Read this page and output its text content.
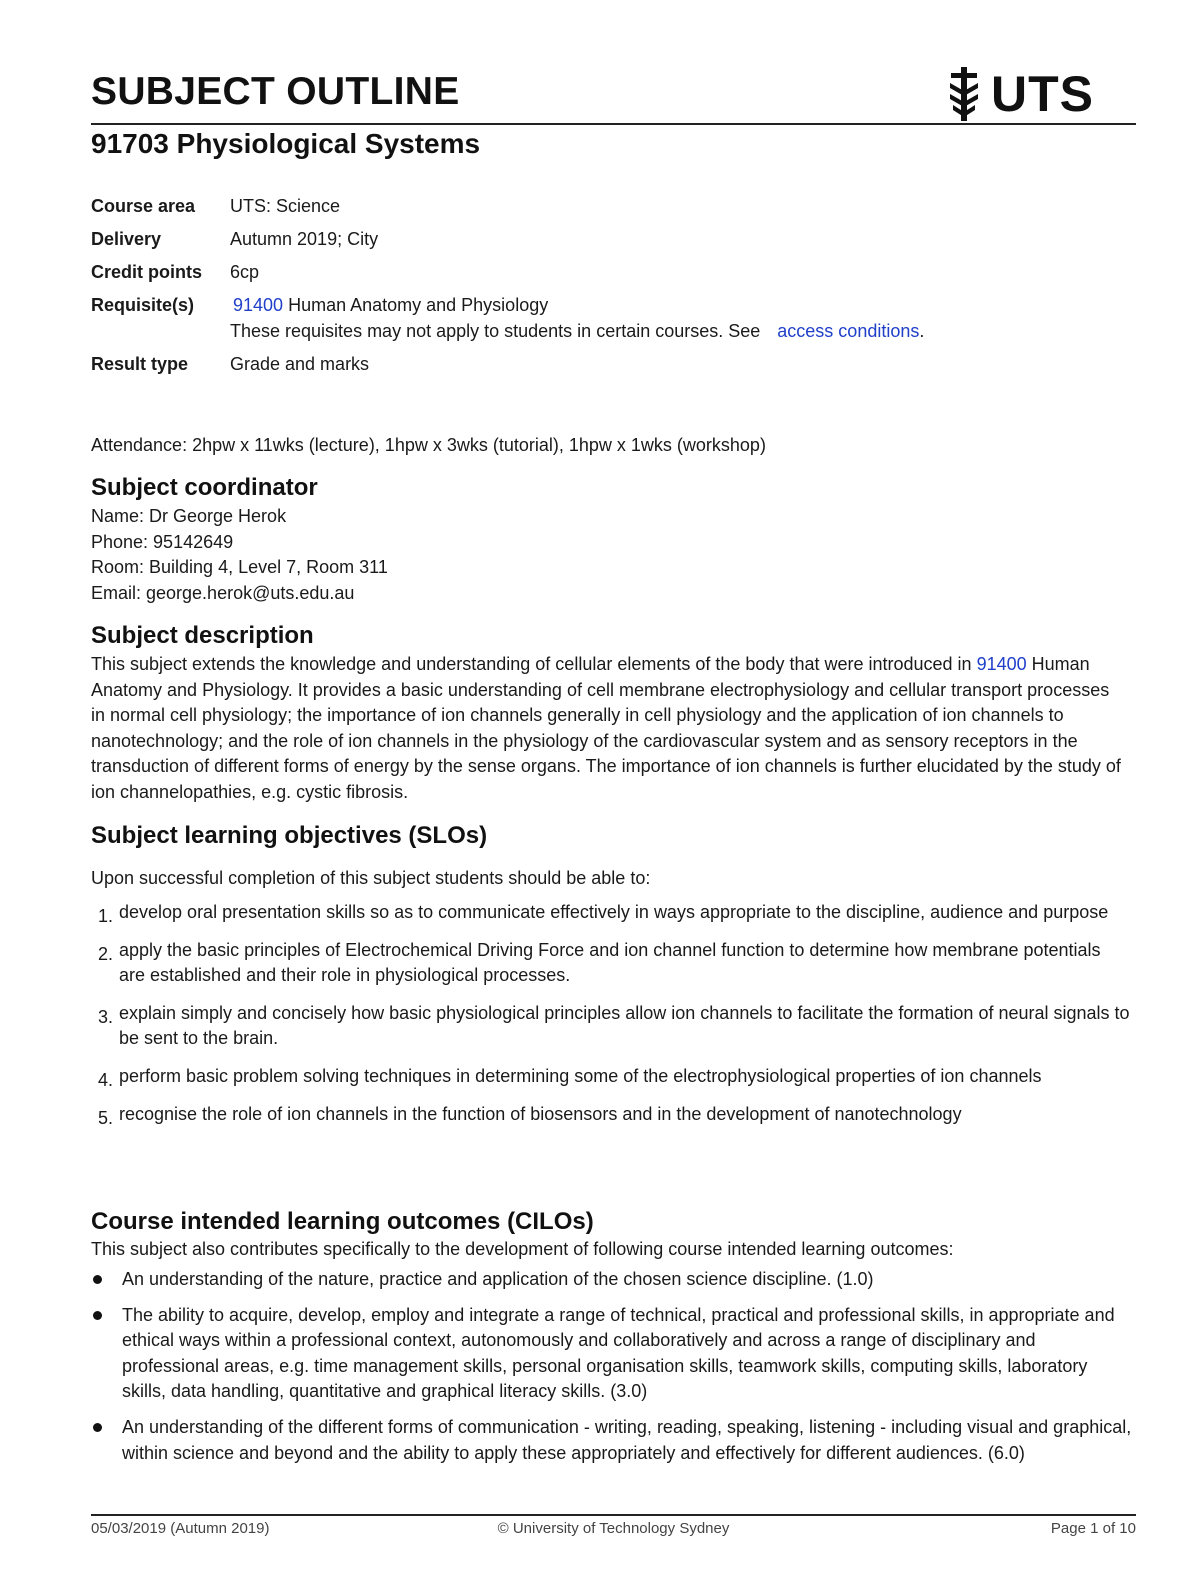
SUBJECT OUTLINE	UTS
91703 Physiological Systems
Course area	UTS: Science
Delivery	Autumn 2019; City
Credit points	6cp
Requisite(s)	91400 Human Anatomy and Physiology
These requisites may not apply to students in certain courses. See access conditions.
Result type	Grade and marks
Attendance: 2hpw x 11wks (lecture), 1hpw x 3wks (tutorial), 1hpw x 1wks (workshop)
Subject coordinator

Name: Dr George Herok

Phone: 95142649

Room: Building 4, Level 7, Room 311

Email: george.herok@uts.edu.au

Subject description

This subject extends the knowledge and understanding of cellular elements of the body that were introduced in 91400 Human Anatomy and Physiology. It provides a basic understanding of cell membrane electrophysiology and cellular transport processes in normal cell physiology; the importance of ion channels generally in cell physiology and the application of ion channels to nanotechnology; and the role of ion channels in the physiology of the cardiovascular system and as sensory receptors in the transduction of different forms of energy by the sense organs. The importance of ion channels is further elucidated by the study of ion channelopathies, e.g. cystic fibrosis.

Subject learning objectives (SLOs)
Upon successful completion of this subject students should be able to:
1. develop oral presentation skills so as to communicate effectively in ways appropriate to the discipline, audience and purpose
2. apply the basic principles of Electrochemical Driving Force and ion channel function to determine how membrane potentials are established and their role in physiological processes.
3. explain simply and concisely how basic physiological principles allow ion channels to facilitate the formation of neural signals to be sent to the brain.
4. perform basic problem solving techniques in determining some of the electrophysiological properties of ion channels
5. recognise the role of ion channels in the function of biosensors and in the development of nanotechnology
Course intended learning outcomes (CILOs)
This subject also contributes specifically to the development of following course intended learning outcomes:
An understanding of the nature, practice and application of the chosen science discipline. (1.0)
The ability to acquire, develop, employ and integrate a range of technical, practical and professional skills, in appropriate and ethical ways within a professional context, autonomously and collaboratively and across a range of disciplinary and professional areas, e.g. time management skills, personal organisation skills, teamwork skills, computing skills, laboratory skills, data handling, quantitative and graphical literacy skills. (3.0)
An understanding of the different forms of communication - writing, reading, speaking, listening - including visual and graphical, within science and beyond and the ability to apply these appropriately and effectively for different audiences. (6.0)
05/03/2019 (Autumn 2019)	© University of Technology Sydney	Page 1 of 10
